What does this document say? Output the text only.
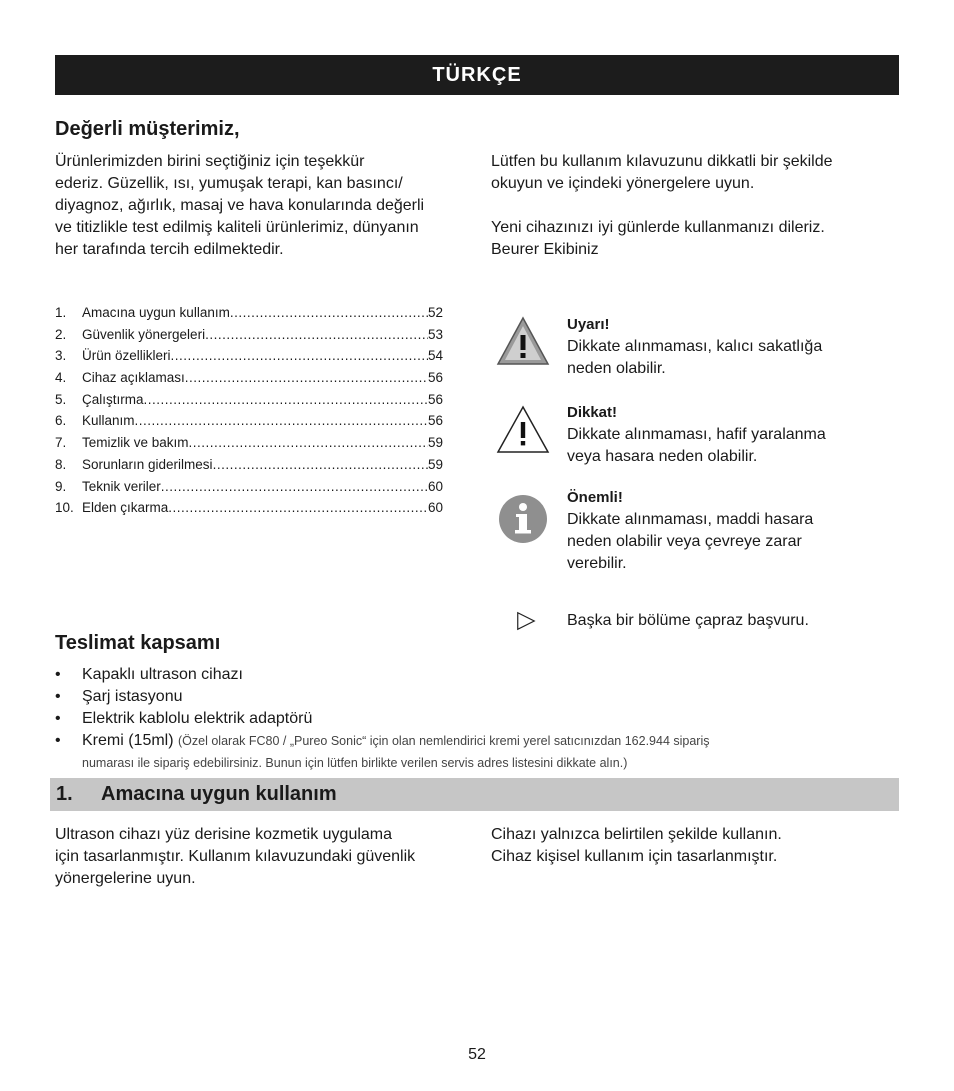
TÜRKÇE
Değerli müşterimiz,
Ürünlerimizden birini seçtiğiniz için teşekkür
ederiz. Güzellik, ısı, yumuşak terapi, kan basıncı/
diyagnoz, ağırlık, masaj ve hava konularında değerli
ve titizlikle test edilmiş kaliteli ürünlerimiz, dünyanın
her tarafında tercih edilmektedir.
Lütfen bu kullanım kılavuzunu dikkatli bir şekilde
okuyun ve içindeki yönergelere uyun.
Yeni cihazınızı iyi günlerde kullanmanızı dileriz.
Beurer Ekibiniz
1.	Amacına uygun kullanım .....	52
2.	Güvenlik yönergeleri .....	53
3.	Ürün özellikleri .....	54
4.	Cihaz açıklaması .....	56
5.	Çalıştırma .....	56
6.	Kullanım .....	56
7.	Temizlik ve bakım .....	59
8.	Sorunların giderilmesi .....	59
9.	Teknik veriler .....	60
10. Elden çıkarma .....	60
Uyarı!
Dikkate alınmaması, kalıcı sakatlığa
neden olabilir.
Dikkat!
Dikkate alınmaması, hafif yaralanma
veya hasara neden olabilir.
Önemli!
Dikkate alınmaması, maddi hasara
neden olabilir veya çevreye zarar
verebilir.
Başka bir bölüme çapraz başvuru.
Teslimat kapsamı
• Kapaklı ultrason cihazı
• Şarj istasyonu
• Elektrik kablolu elektrik adaptörü
• Kremi (15ml) (Özel olarak FC80 / „Pureo Sonic“ için olan nemlendirici kremi yerel satıcınızdan 162.944 sipariş
numarası ile sipariş edebilirsiniz. Bunun için lütfen birlikte verilen servis adres listesini dikkate alın.)
1.	Amacına uygun kullanım
Ultrason cihazı yüz derisine kozmetik uygulama
için tasarlanmıştır. Kullanım kılavuzundaki güvenlik
yönergelerine uyun.
Cihazı yalnızca belirtilen şekilde kullanın.
Cihaz kişisel kullanım için tasarlanmıştır.
52
